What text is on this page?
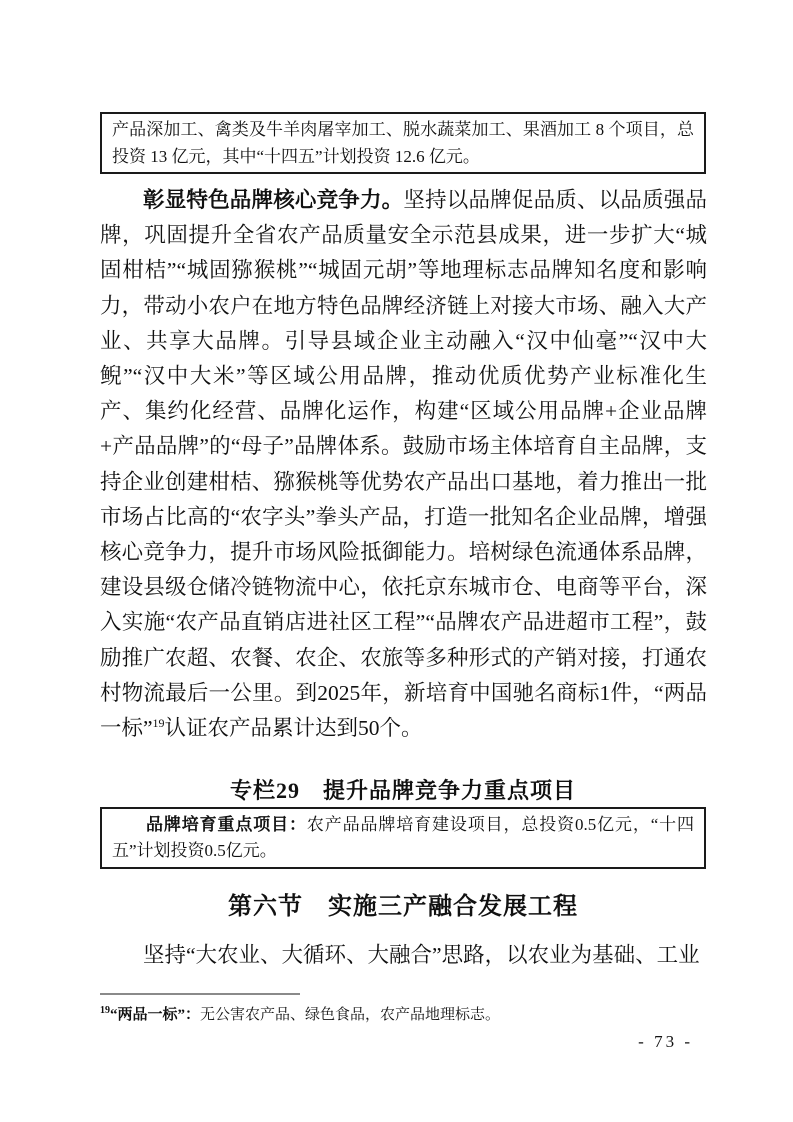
产品深加工、禽类及牛羊肉屠宰加工、脱水蔬菜加工、果酒加工 8 个项目，总投资 13 亿元，其中“十四五”计划投资 12.6 亿元。

彰显特色品牌核心竞争力。坚持以品牌促品质、以品质强品牌，巩固提升全省农产品质量安全示范县成果，进一步扩大“城固柑桔”“城固猕猴桃”“城固元胡”等地理标志品牌知名度和影响力，带动小农户在地方特色品牌经济链上对接大市场、融入大产业、共享大品牌。引导县域企业主动融入“汉中仙毫”“汉中大鲵”“汉中大米”等区域公用品牌，推动优质优势产业标准化生产、集约化经营、品牌化运作，构建“区域公用品牌+企业品牌+产品品牌”的“母子”品牌体系。鼓励市场主体培育自主品牌，支持企业创建柑桔、猕猴桃等优势农产品出口基地，着力推出一批市场占比高的“农字头”拳头产品，打造一批知名企业品牌，增强核心竞争力，提升市场风险抵御能力。培树绿色流通体系品牌，建设县级仓储冷链物流中心，依托京东城市仓、电商等平台，深入实施“农产品直销店进社区工程”“品牌农产品进超市工程”，鼓励推广农超、农餐、农企、农旅等多种形式的产销对接，打通农村物流最后一公里。到2025年，新培育中国驰名商标1件，“两品一标”$^{19}$认证农产品累计达到50个。

专栏29　提升品牌竞争力重点项目
品牌培育重点项目：农产品品牌培育建设项目，总投资0.5亿元，“十四五”计划投资0.5亿元。
第六节　实施三产融合发展工程

坚持“大农业、大循环、大融合”思路，以农业为基础、工业

$^{19}$“两品一标”：无公害农产品、绿色食品，农产品地理标志。
- 73 -
